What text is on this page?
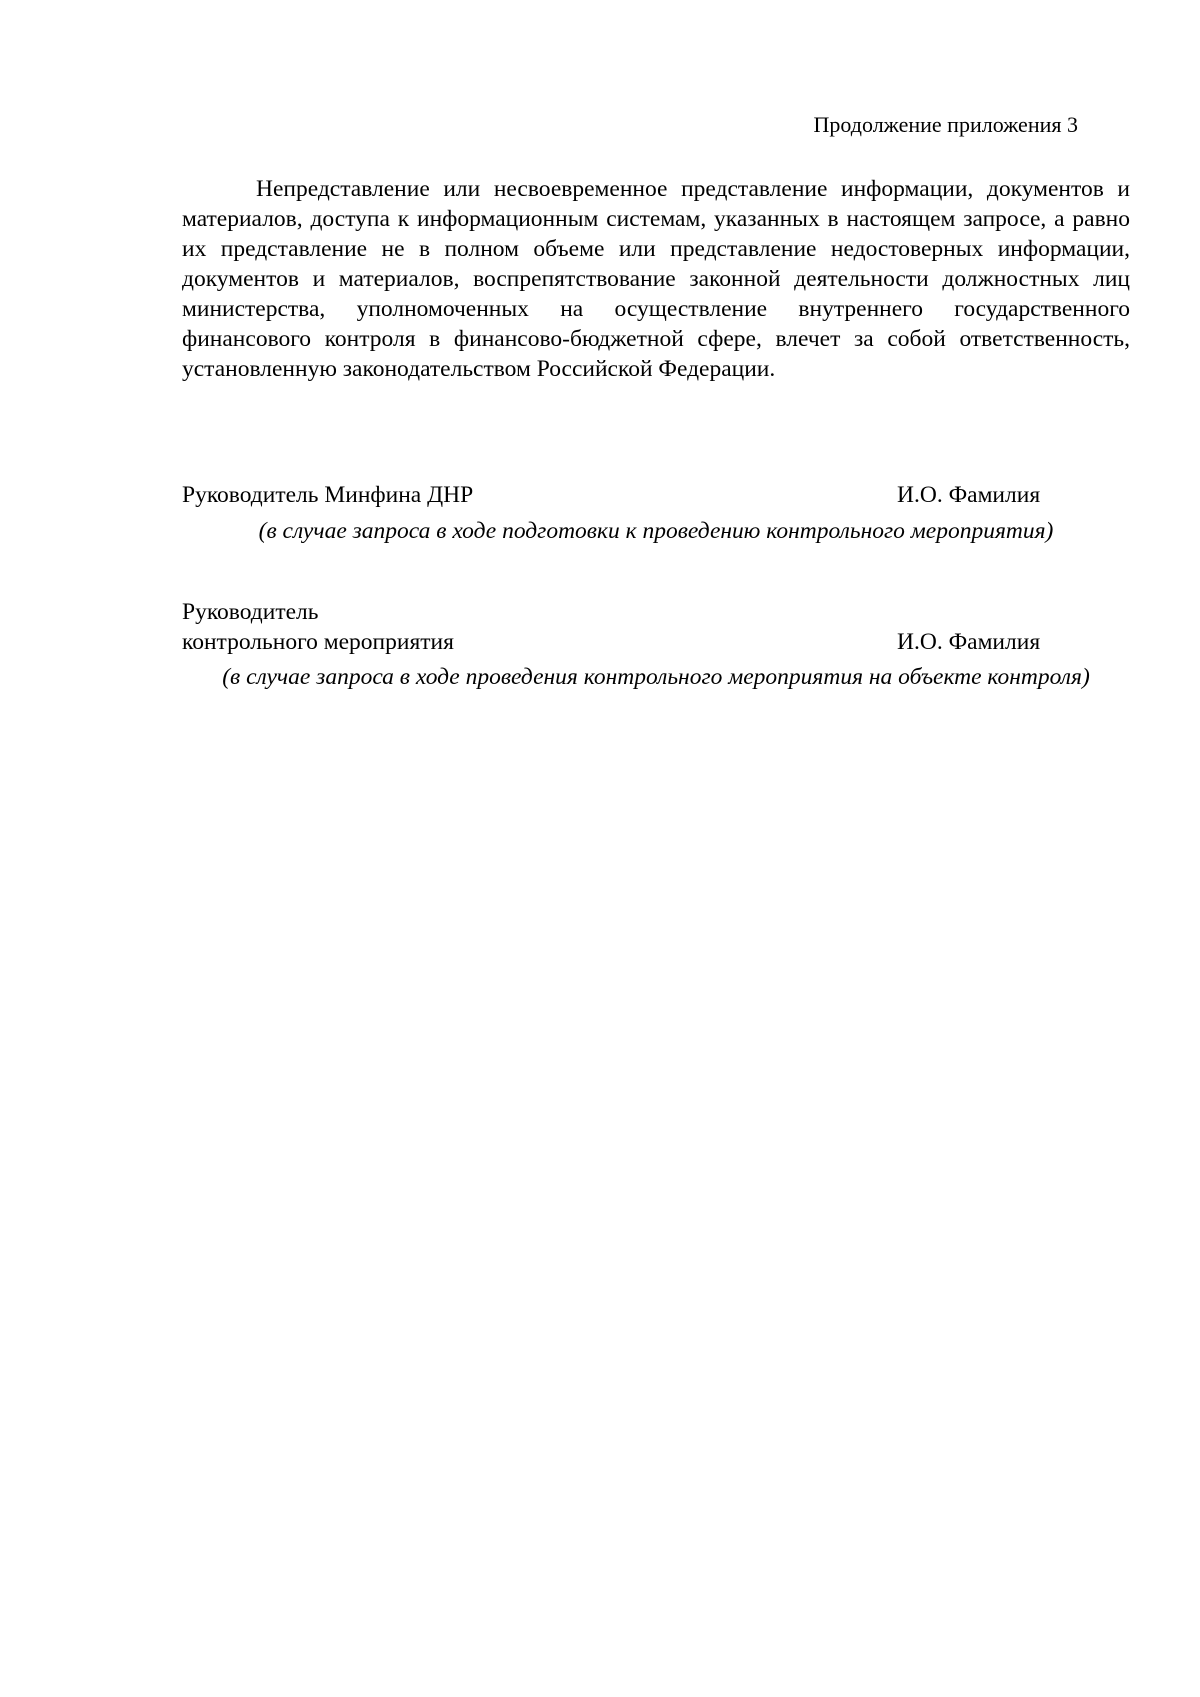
Продолжение приложения 3

Непредставление или несвоевременное представление информации, документов и материалов, доступа к информационным системам, указанных в настоящем запросе, а равно их представление не в полном объеме или представление недостоверных информации, документов и материалов, воспрепятствование законной деятельности должностных лиц министерства, уполномоченных на осуществление внутреннего государственного финансового контроля в финансово-бюджетной сфере, влечет за собой ответственность, установленную законодательством Российской Федерации.

Руководитель Минфина ДНР	И.О. Фамилия
(в случае запроса в ходе подготовки к проведению контрольного мероприятия)
Руководитель
контрольного мероприятия	И.О. Фамилия
(в случае запроса в ходе проведения контрольного мероприятия на объекте контроля)
